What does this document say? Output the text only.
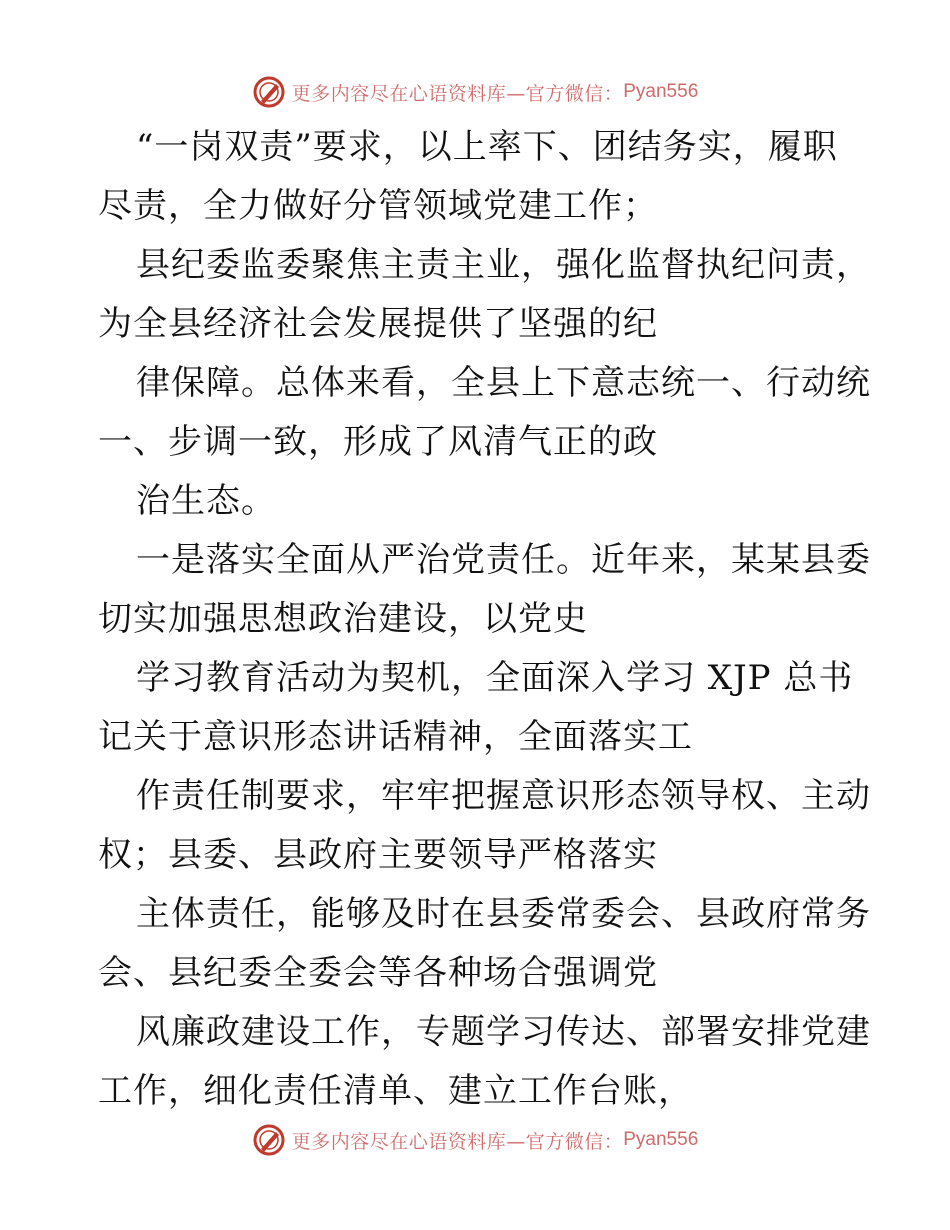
更多内容尽在心语资料库—官方微信： Pyan556
“一岗双责”要求，以上率下、团结务实，履职
尽责，全力做好分管领域党建工作；
县纪委监委聚焦主责主业，强化监督执纪问责，
为全县经济社会发展提供了坚强的纪
律保障。总体来看，全县上下意志统一、行动统
一、步调一致，形成了风清气正的政
治生态。
一是落实全面从严治党责任。近年来，某某县委
切实加强思想政治建设，以党史
学习教育活动为契机，全面深入学习 XJP 总书
记关于意识形态讲话精神，全面落实工
作责任制要求，牢牢把握意识形态领导权、主动
权；县委、县政府主要领导严格落实
主体责任，能够及时在县委常委会、县政府常务
会、县纪委全委会等各种场合强调党
风廉政建设工作，专题学习传达、部署安排党建
工作，细化责任清单、建立工作台账，
更多内容尽在心语资料库—官方微信： Pyan556
